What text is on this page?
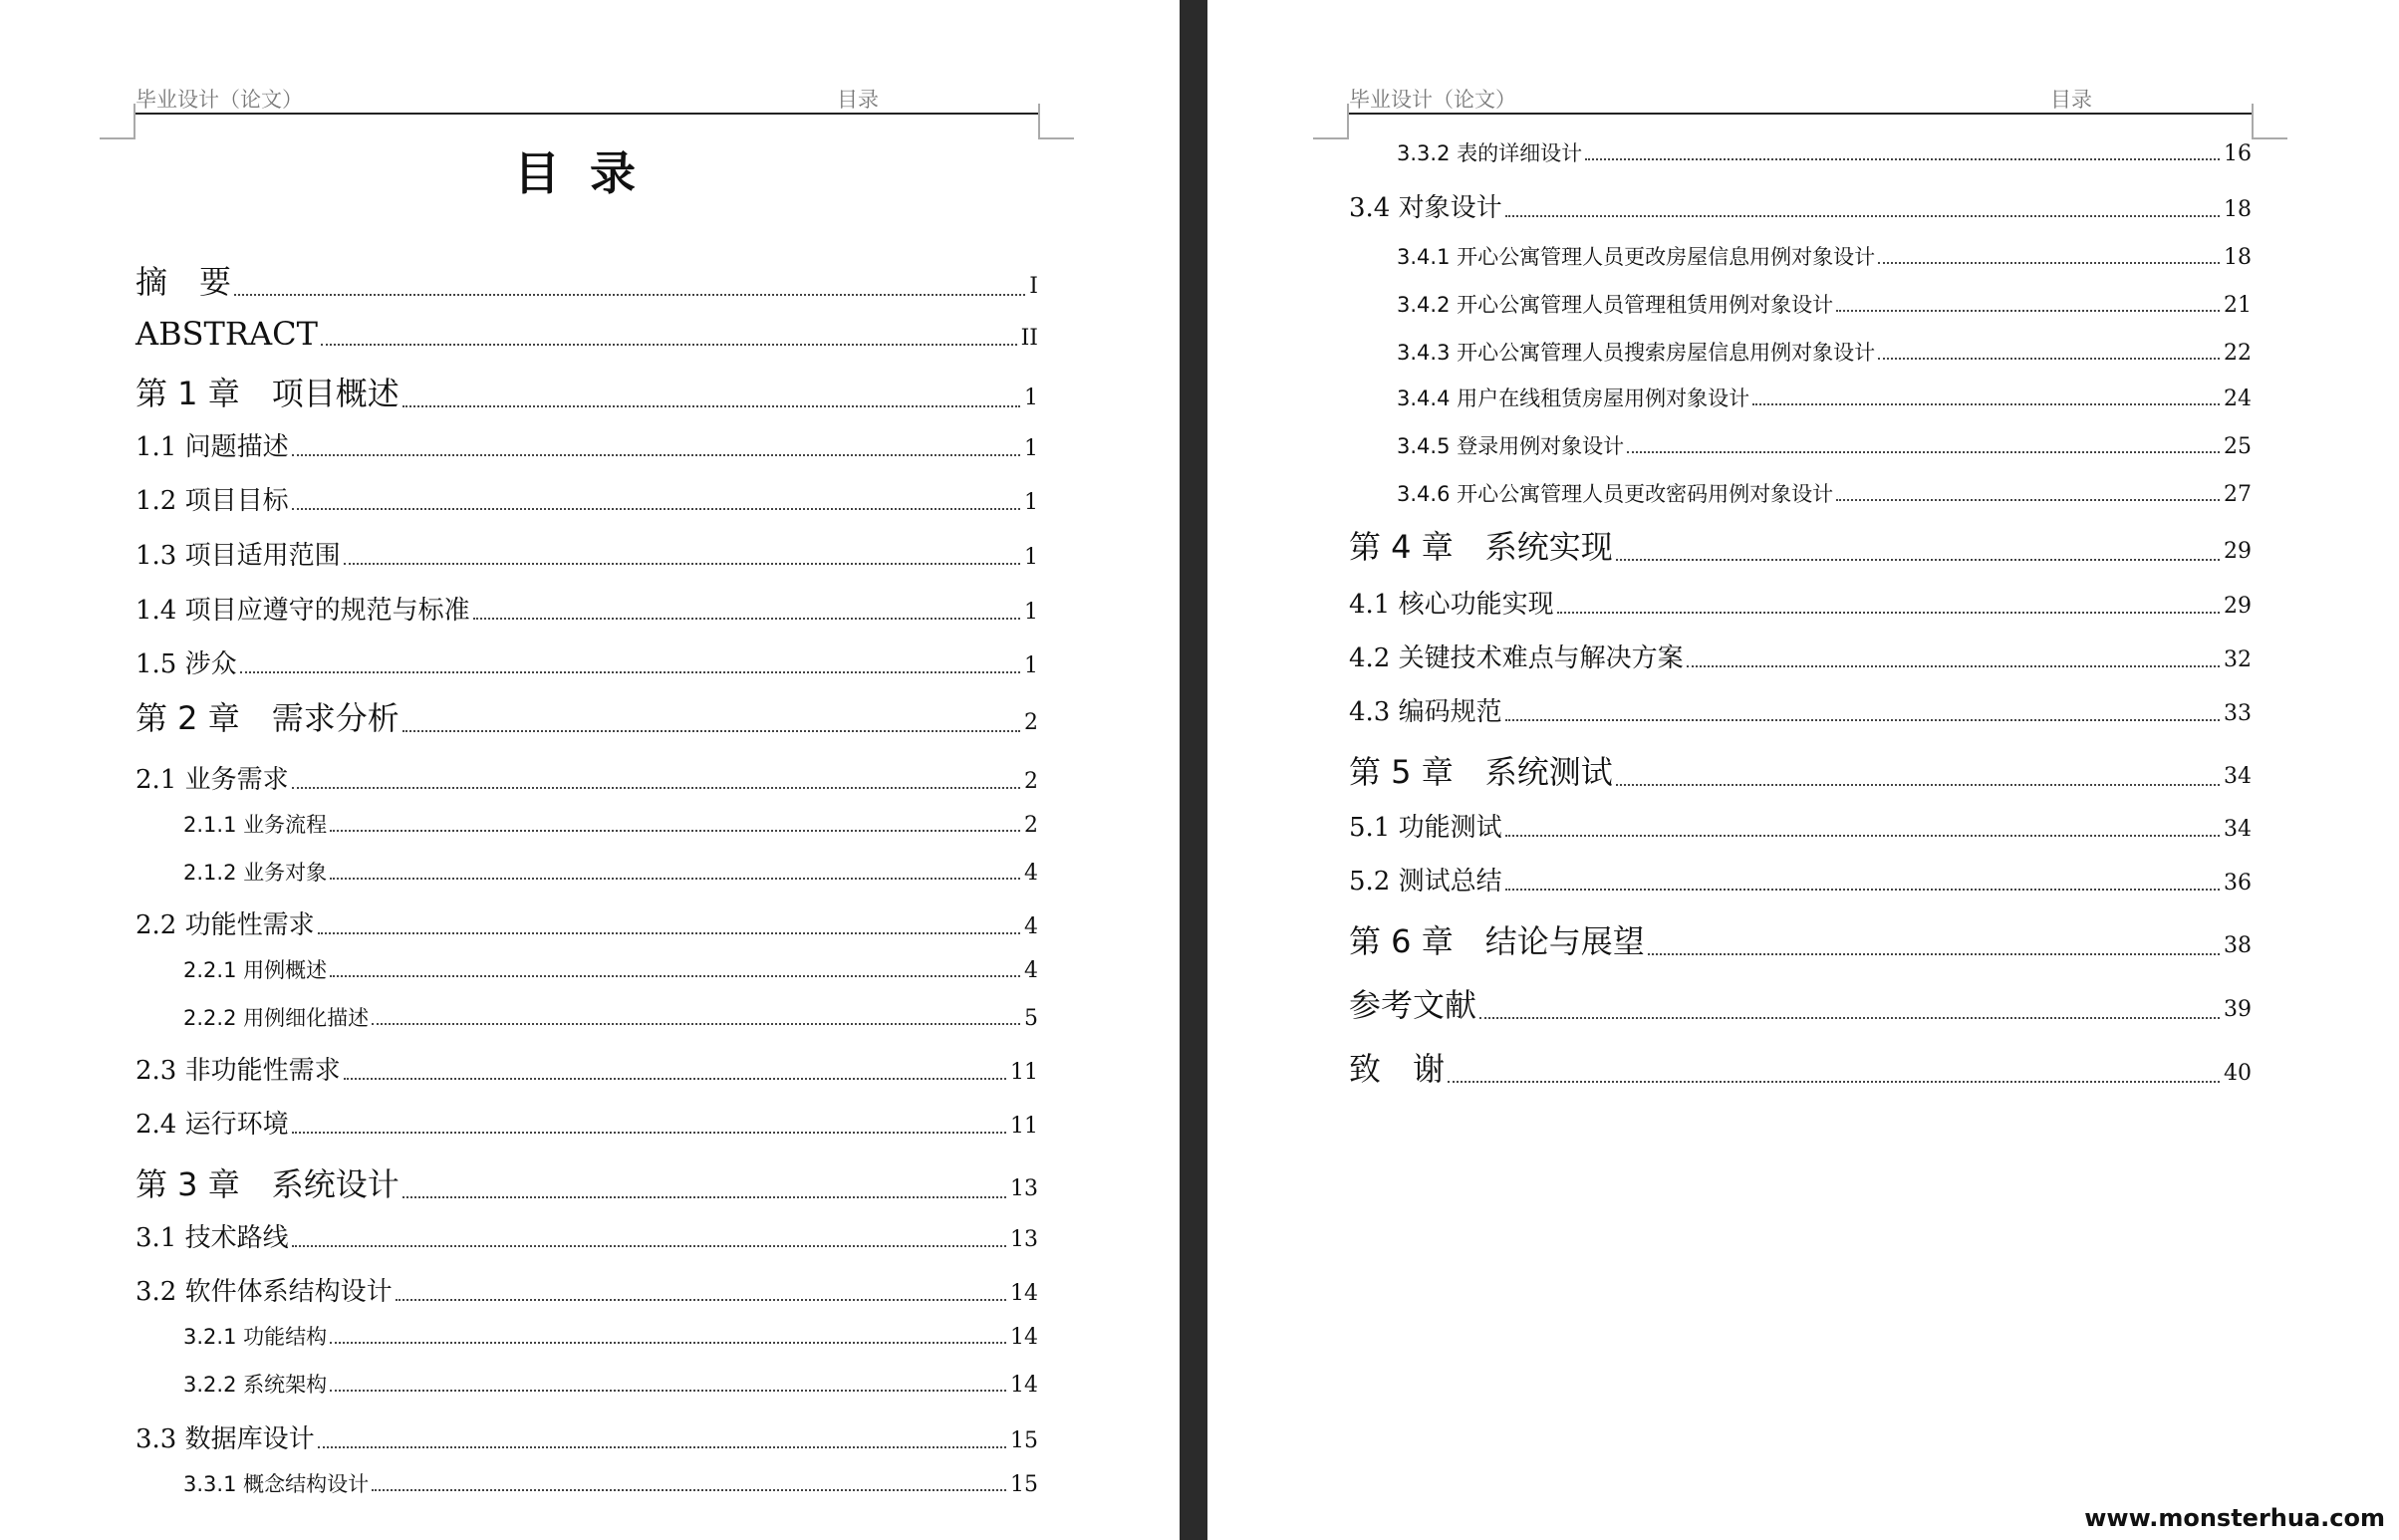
毕业设计（论文）	目录
目录
摘　要	I
ABSTRACT	II
第 1 章　项目概述	1
1.1 问题描述	1
1.2 项目目标	1
1.3 项目适用范围	1
1.4 项目应遵守的规范与标准	1
1.5 涉众	1
第 2 章　需求分析	2
2.1 业务需求	2
2.1.1 业务流程	2
2.1.2 业务对象	4
2.2 功能性需求	4
2.2.1 用例概述	4
2.2.2 用例细化描述	5
2.3 非功能性需求	11
2.4 运行环境	11
第 3 章　系统设计	13
3.1 技术路线	13
3.2 软件体系结构设计	14
3.2.1 功能结构	14
3.2.2 系统架构	14
3.3 数据库设计	15
3.3.1 概念结构设计	15
毕业设计（论文）	目录
3.3.2 表的详细设计	16
3.4 对象设计	18
3.4.1 开心公寓管理人员更改房屋信息用例对象设计	18
3.4.2 开心公寓管理人员管理租赁用例对象设计	21
3.4.3 开心公寓管理人员搜索房屋信息用例对象设计	22
3.4.4 用户在线租赁房屋用例对象设计	24
3.4.5 登录用例对象设计	25
3.4.6 开心公寓管理人员更改密码用例对象设计	27
第 4 章　系统实现	29
4.1 核心功能实现	29
4.2 关键技术难点与解决方案	32
4.3 编码规范	33
第 5 章　系统测试	34
5.1 功能测试	34
5.2 测试总结	36
第 6 章　结论与展望	38
参考文献	39
致　谢	40
www.monsterhua.com
